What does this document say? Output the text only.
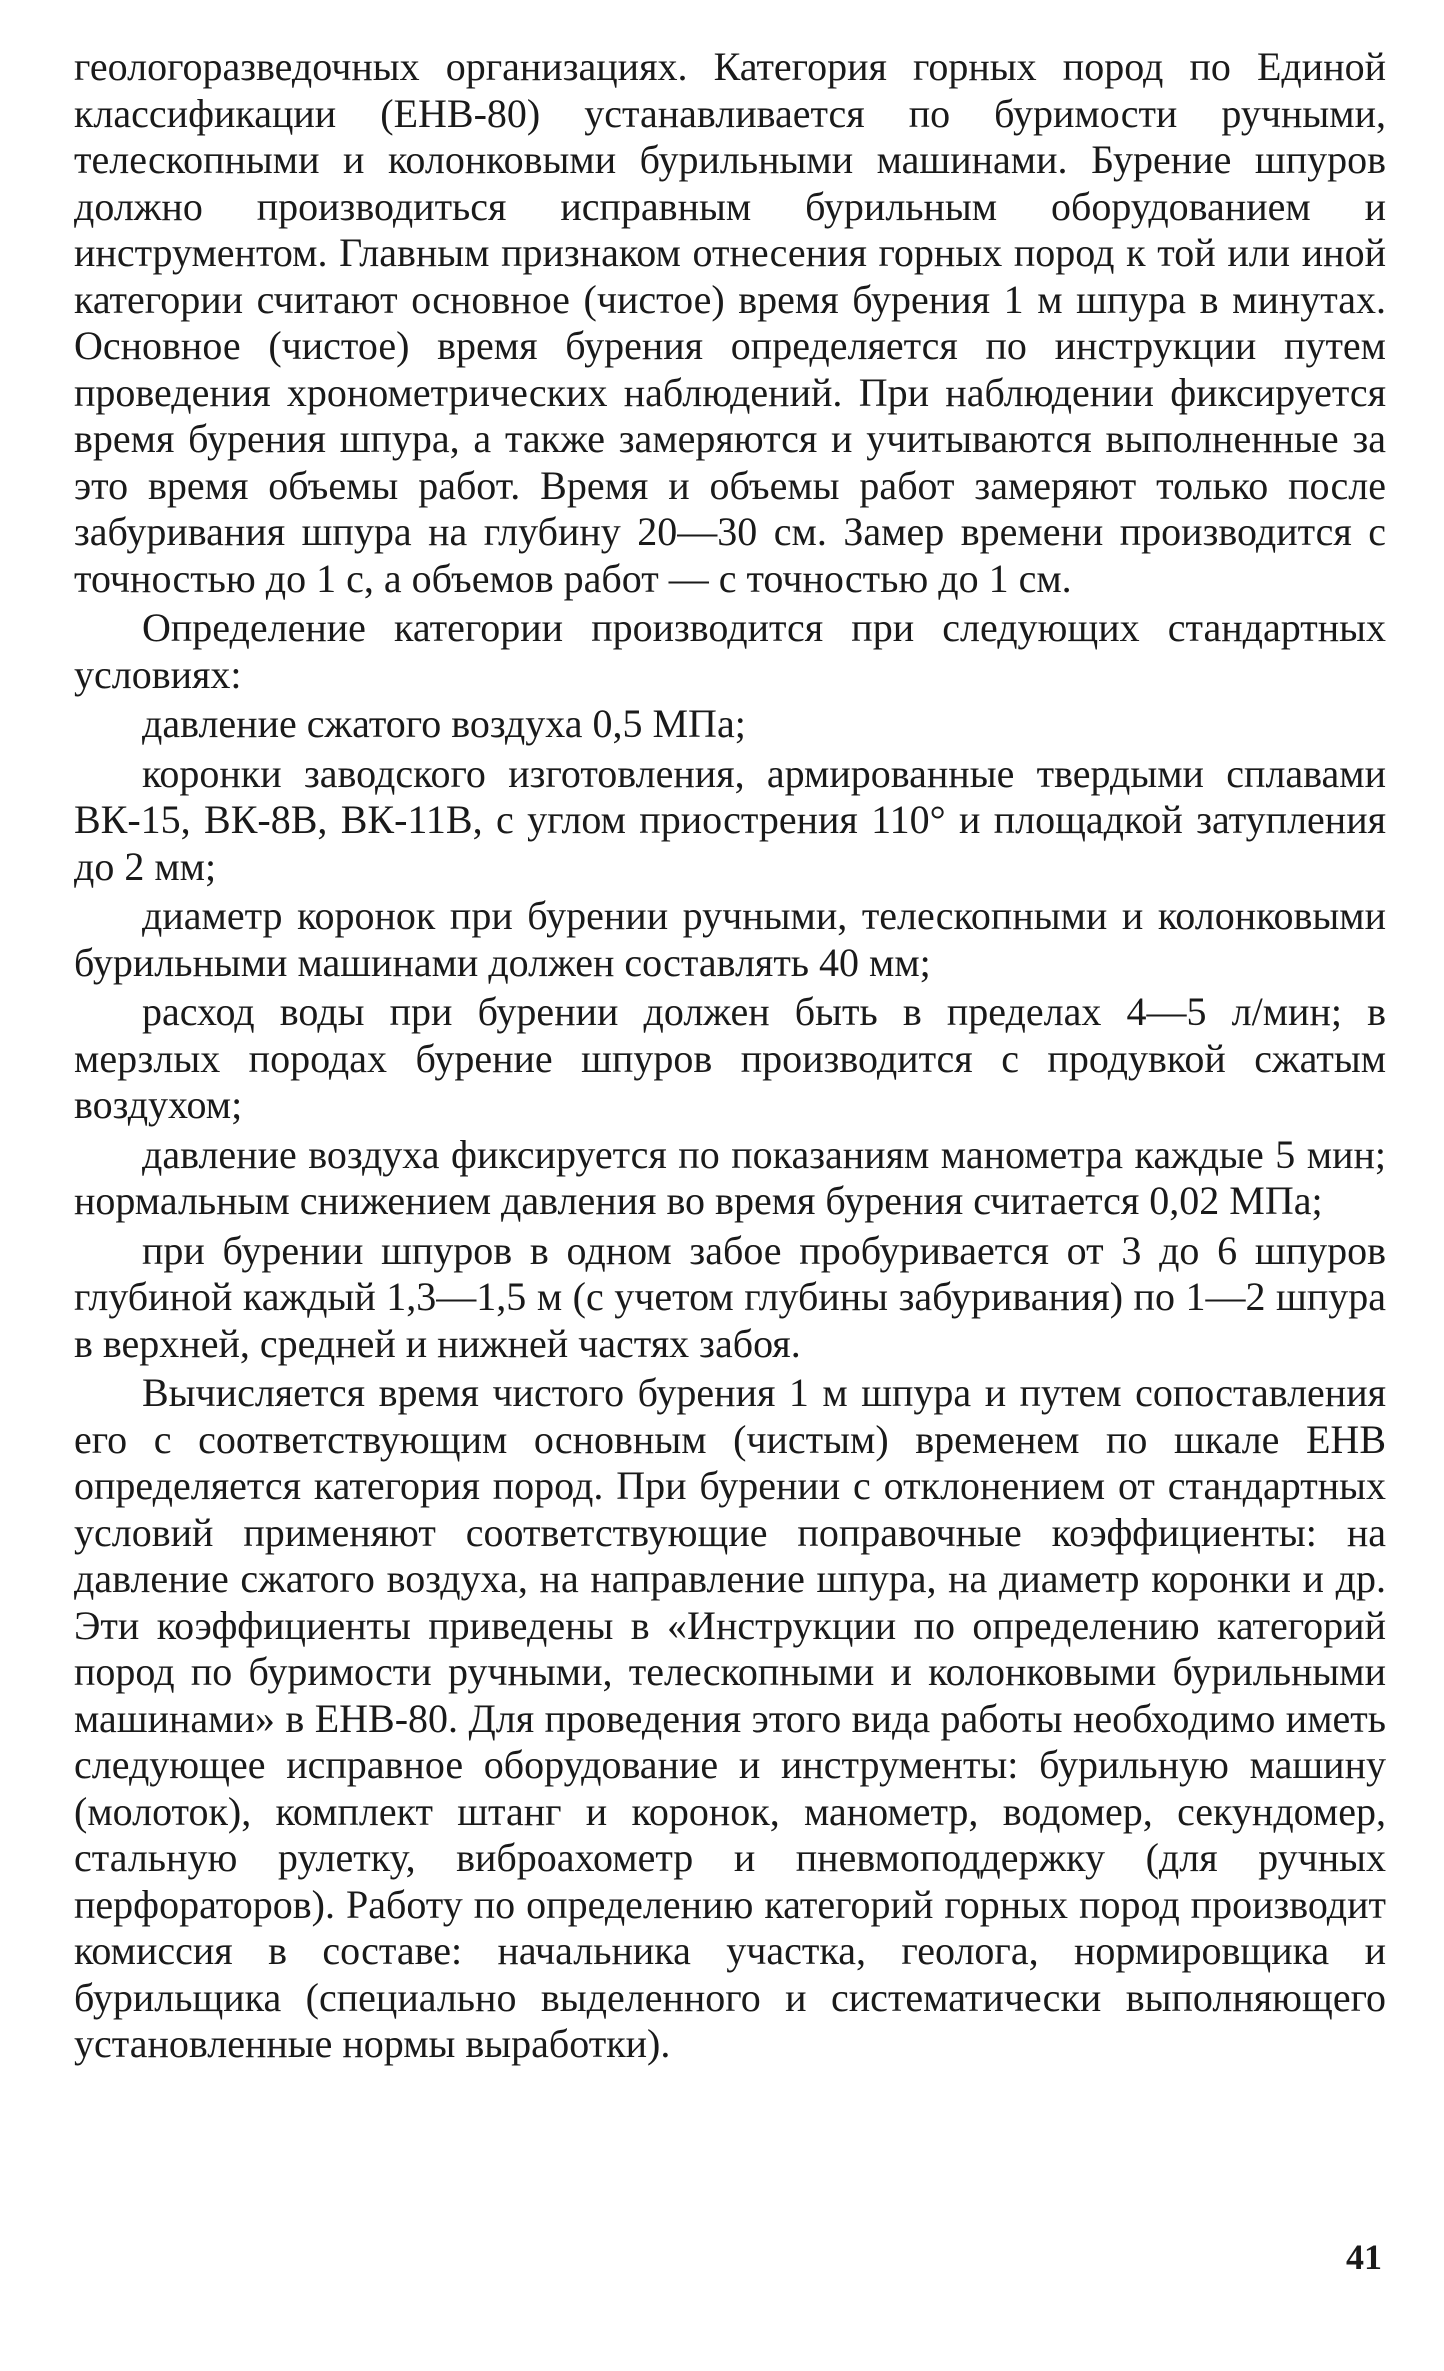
геологоразведочных организациях. Категория горных пород по Единой классификации (ЕНВ-80) устанавливается по буримости ручными, телескопными и колонковыми бурильными машинами. Бурение шпуров должно производиться исправным бурильным оборудованием и инструментом. Главным признаком отнесения горных пород к той или иной категории считают основное (чистое) время бурения 1 м шпура в минутах. Основное (чистое) время бурения определяется по инструкции путем проведения хронометрических наблюдений. При наблюдении фиксируется время бурения шпура, а также замеряются и учитываются выполненные за это время объемы работ. Время и объемы работ замеряют только после забуривания шпура на глубину 20—30 см. Замер времени производится с точностью до 1 с, а объемов работ — с точностью до 1 см.

Определение категории производится при следующих стандартных условиях:

давление сжатого воздуха 0,5 МПа;

коронки заводского изготовления, армированные твердыми сплавами ВК-15, ВК-8В, ВК-11В, с углом приострения 110° и площадкой затупления до 2 мм;

диаметр коронок при бурении ручными, телескопными и колонковыми бурильными машинами должен составлять 40 мм;

расход воды при бурении должен быть в пределах 4—5 л/мин; в мерзлых породах бурение шпуров производится с продувкой сжатым воздухом;

давление воздуха фиксируется по показаниям манометра каждые 5 мин; нормальным снижением давления во время бурения считается 0,02 МПа;

при бурении шпуров в одном забое пробуривается от 3 до 6 шпуров глубиной каждый 1,3—1,5 м (с учетом глубины забуривания) по 1—2 шпура в верхней, средней и нижней частях забоя.

Вычисляется время чистого бурения 1 м шпура и путем сопоставления его с соответствующим основным (чистым) временем по шкале ЕНВ определяется категория пород. При бурении с отклонением от стандартных условий применяют соответствующие поправочные коэффициенты: на давление сжатого воздуха, на направление шпура, на диаметр коронки и др. Эти коэффициенты приведены в «Инструкции по определению категорий пород по буримости ручными, телескопными и колонковыми бурильными машинами» в ЕНВ-80. Для проведения этого вида работы необходимо иметь следующее исправное оборудование и инструменты: бурильную машину (молоток), комплект штанг и коронок, манометр, водомер, секундомер, стальную рулетку, виброахометр и пневмоподдержку (для ручных перфораторов). Работу по определению категорий горных пород производит комиссия в составе: начальника участка, геолога, нормировщика и бурильщика (специально выделенного и систематически выполняющего установленные нормы выработки).

41
